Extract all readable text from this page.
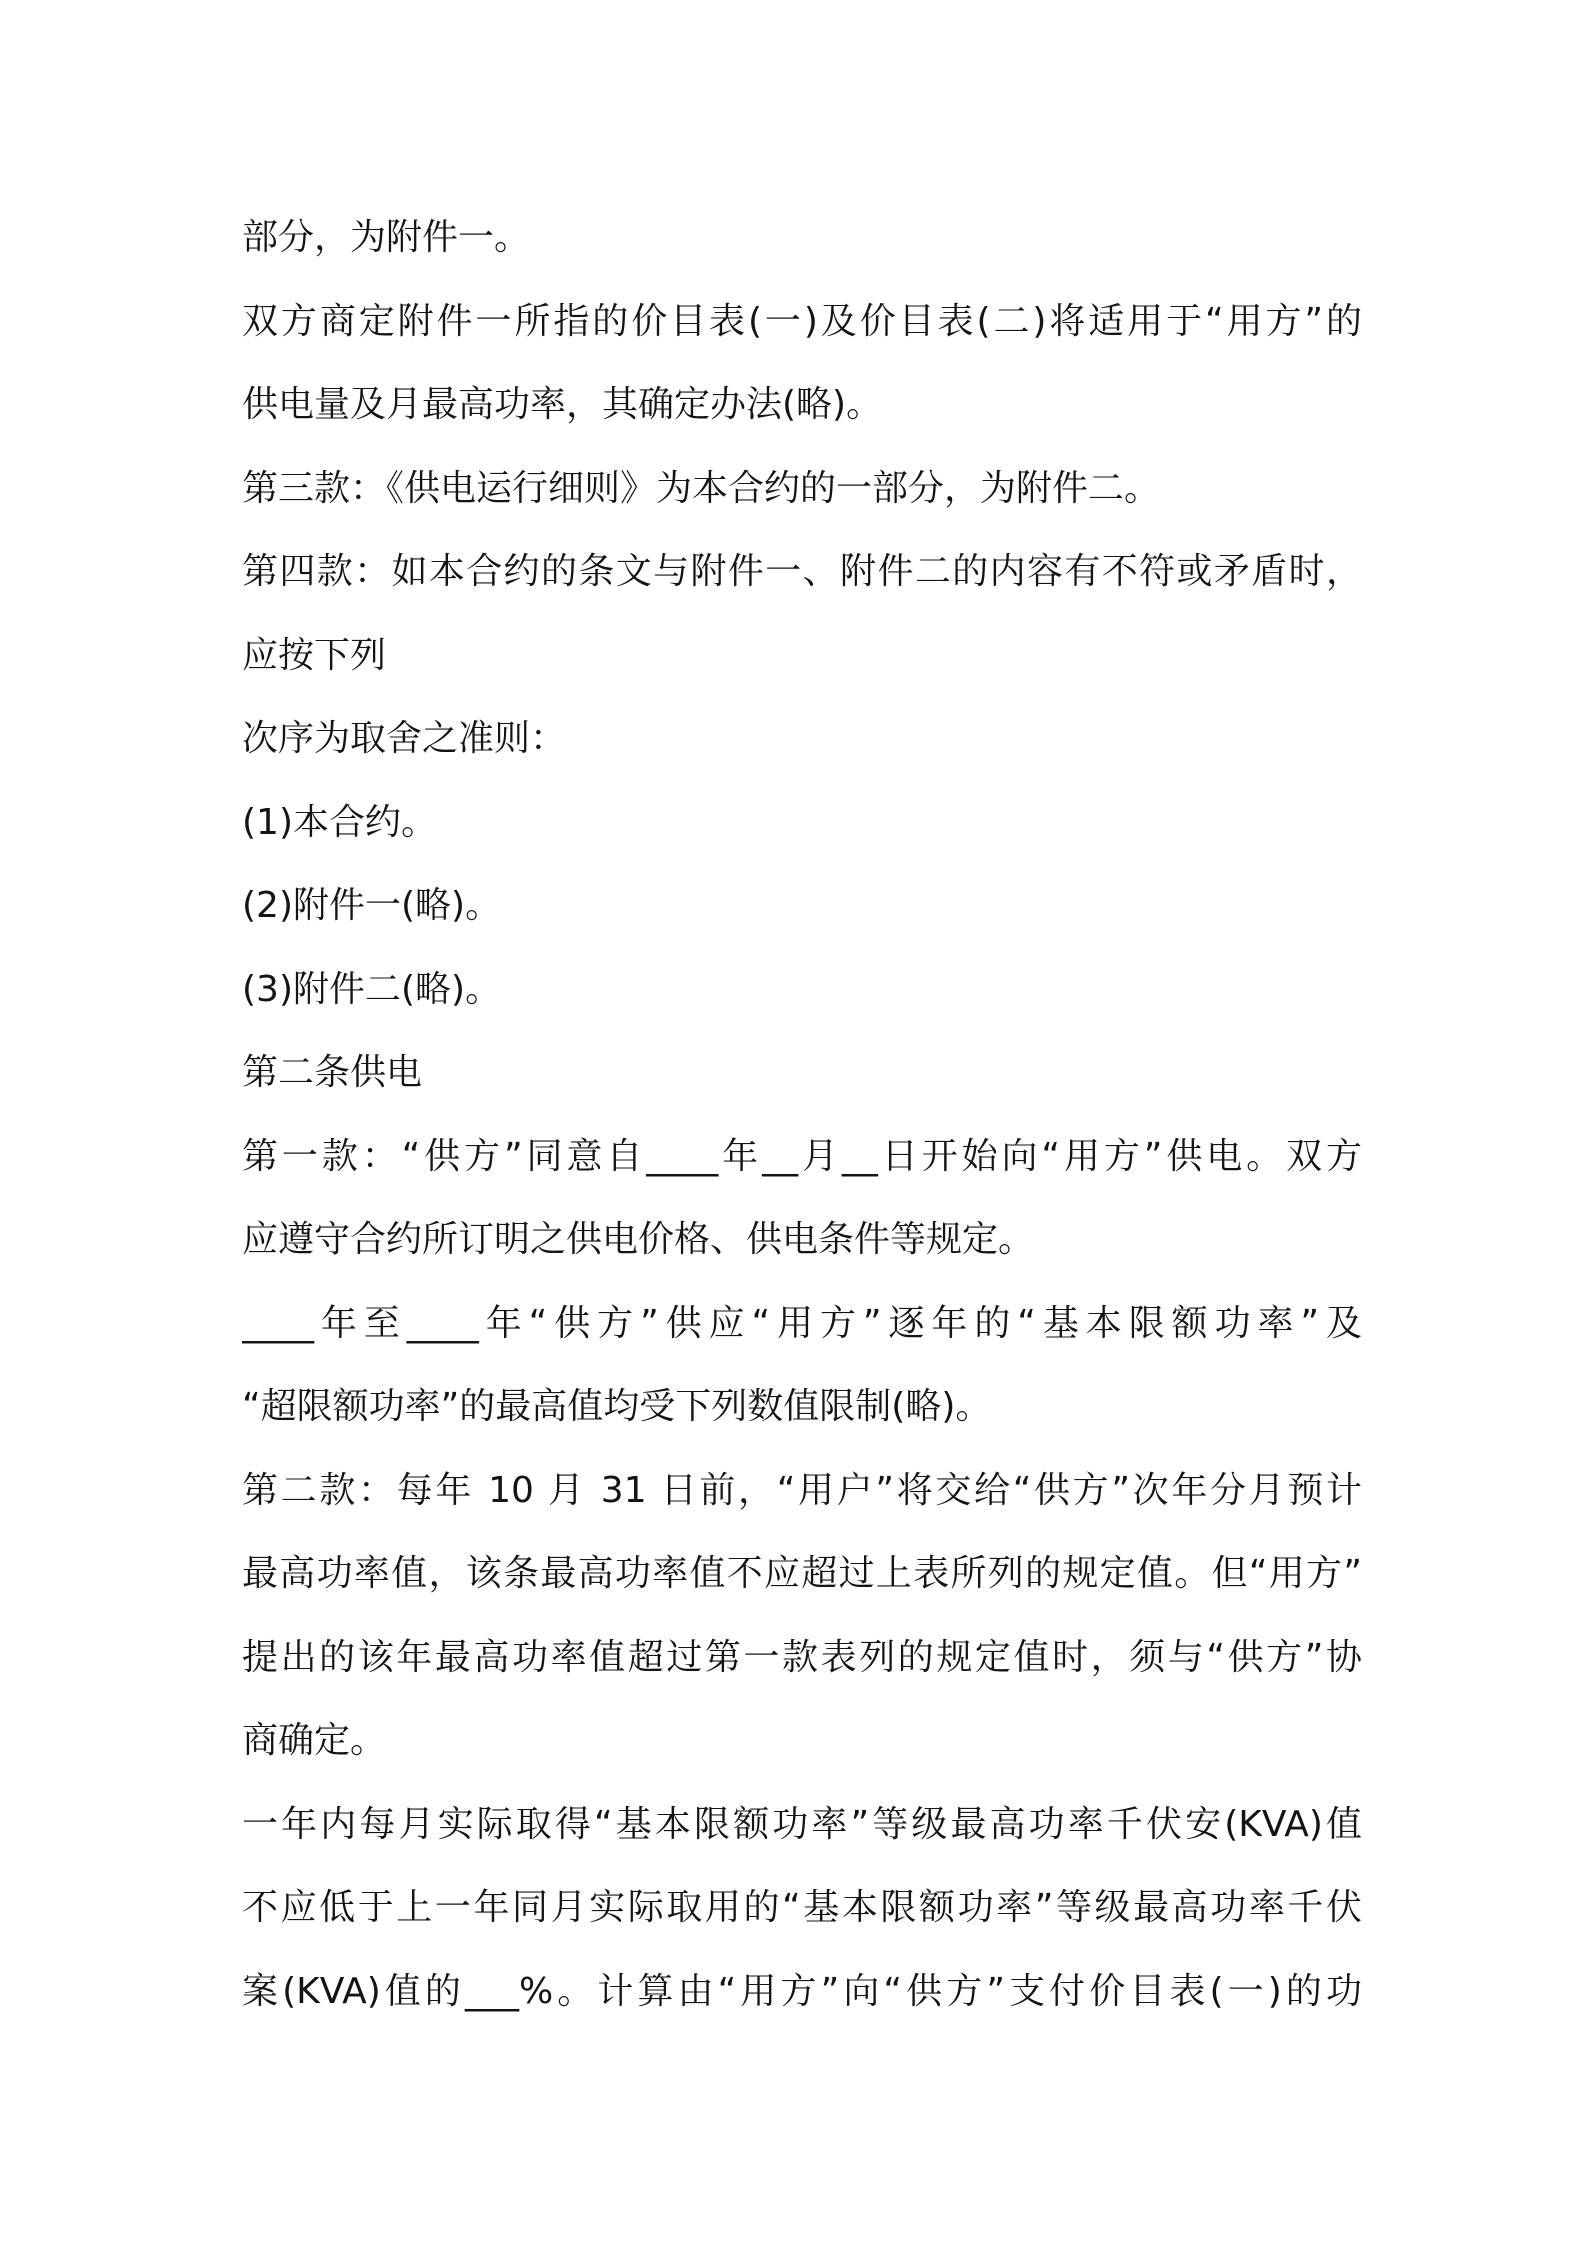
部分，为附件一。
双方商定附件一所指的价目表(一)及价目表(二)将适用于“用方”的
供电量及月最高功率，其确定办法(略)。
第三款：《供电运行细则》为本合约的一部分，为附件二。
第四款：如本合约的条文与附件一、附件二的内容有不符或矛盾时，
应按下列
次序为取舍之准则：
(1)本合约。
(2)附件一(略)。
(3)附件二(略)。
第二条供电
第一款：“供方”同意自____年__月__日开始向“用方”供电。双方
应遵守合约所订明之供电价格、供电条件等规定。
____年至____年“供方”供应“用方”逐年的“基本限额功率”及
“超限额功率”的最高值均受下列数值限制(略)。
第二款：每年 10 月 31 日前，“用户”将交给“供方”次年分月预计
最高功率值，该条最高功率值不应超过上表所列的规定值。但“用方”
提出的该年最高功率值超过第一款表列的规定值时，须与“供方”协
商确定。
一年内每月实际取得“基本限额功率”等级最高功率千伏安(KVA)值
不应低于上一年同月实际取用的“基本限额功率”等级最高功率千伏
案(KVA)值的___%。计算由“用方”向“供方”支付价目表(一)的功
